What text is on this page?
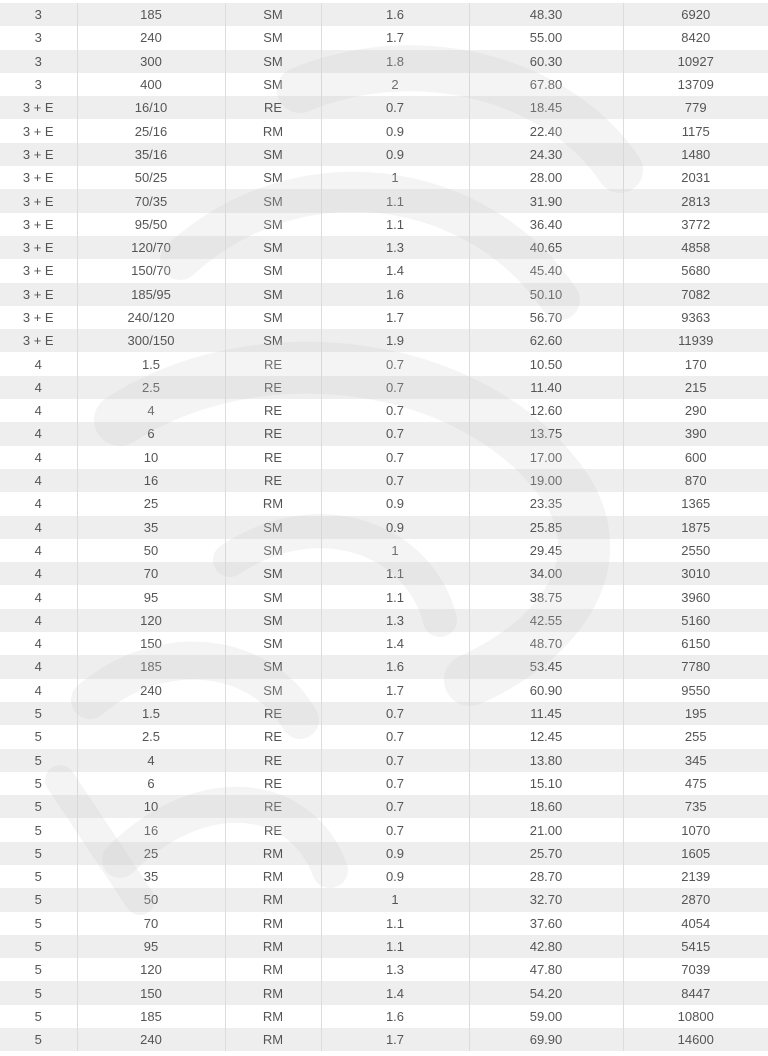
3	185	SM	1.6	48.30	6920
3	240	SM	1.7	55.00	8420
3	300	SM	1.8	60.30	10927
3	400	SM	2	67.80	13709
3 + E	16/10	RE	0.7	18.45	779
3 + E	25/16	RM	0.9	22.40	1175
3 + E	35/16	SM	0.9	24.30	1480
3 + E	50/25	SM	1	28.00	2031
3 + E	70/35	SM	1.1	31.90	2813
3 + E	95/50	SM	1.1	36.40	3772
3 + E	120/70	SM	1.3	40.65	4858
3 + E	150/70	SM	1.4	45.40	5680
3 + E	185/95	SM	1.6	50.10	7082
3 + E	240/120	SM	1.7	56.70	9363
3 + E	300/150	SM	1.9	62.60	11939
4	1.5	RE	0.7	10.50	170
4	2.5	RE	0.7	11.40	215
4	4	RE	0.7	12.60	290
4	6	RE	0.7	13.75	390
4	10	RE	0.7	17.00	600
4	16	RE	0.7	19.00	870
4	25	RM	0.9	23.35	1365
4	35	SM	0.9	25.85	1875
4	50	SM	1	29.45	2550
4	70	SM	1.1	34.00	3010
4	95	SM	1.1	38.75	3960
4	120	SM	1.3	42.55	5160
4	150	SM	1.4	48.70	6150
4	185	SM	1.6	53.45	7780
4	240	SM	1.7	60.90	9550
5	1.5	RE	0.7	11.45	195
5	2.5	RE	0.7	12.45	255
5	4	RE	0.7	13.80	345
5	6	RE	0.7	15.10	475
5	10	RE	0.7	18.60	735
5	16	RE	0.7	21.00	1070
5	25	RM	0.9	25.70	1605
5	35	RM	0.9	28.70	2139
5	50	RM	1	32.70	2870
5	70	RM	1.1	37.60	4054
5	95	RM	1.1	42.80	5415
5	120	RM	1.3	47.80	7039
5	150	RM	1.4	54.20	8447
5	185	RM	1.6	59.00	10800
5	240	RM	1.7	69.90	14600
